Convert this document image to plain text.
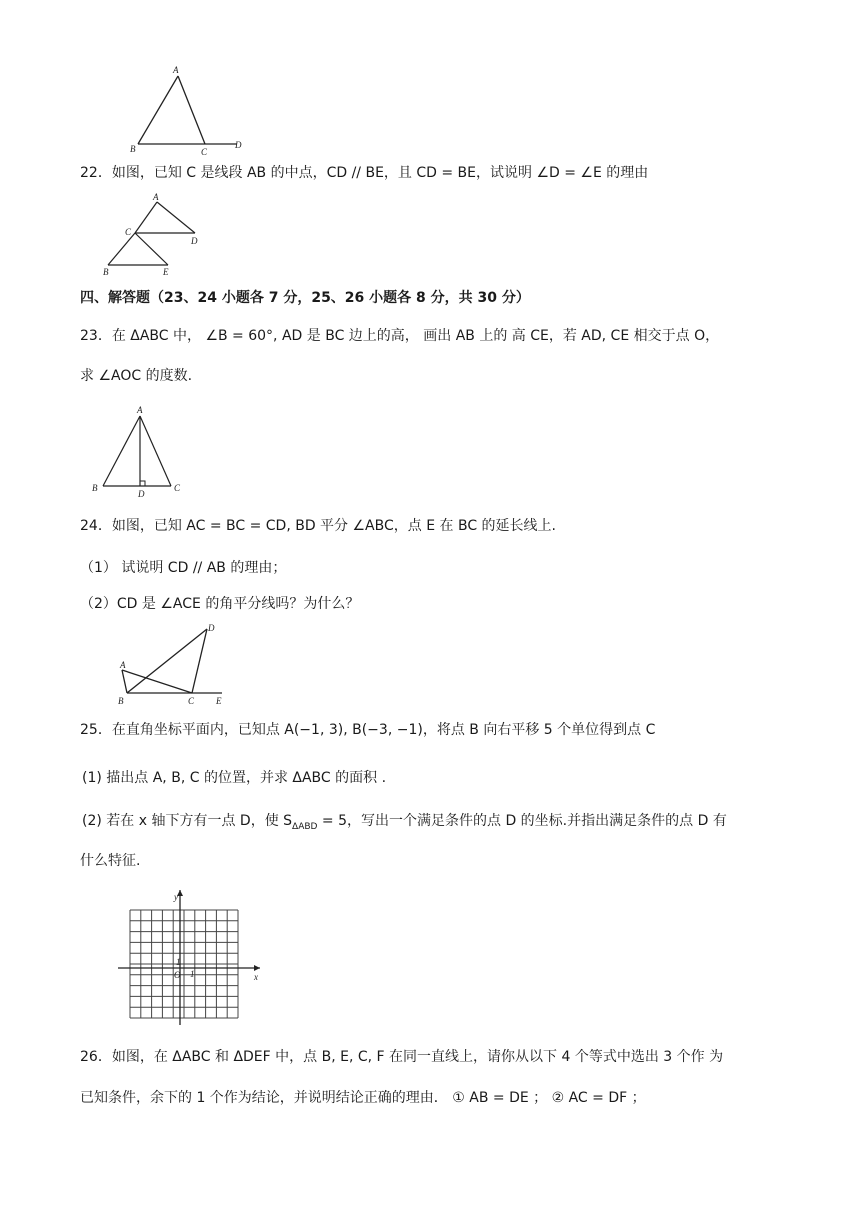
A
B	C
D
22．如图，已知 C 是线段 AB 的中点，CD // BE，且 CD = BE，试说明 ∠D = ∠E 的理由
A
C
D
B	E
四、解答题（23、24 小题各 7 分，25、26 小题各 8 分，共 30 分）
23．在 ΔABC 中， ∠B = 60°, AD 是 BC 边上的高， 画出 AB 上的 高 CE，若 AD, CE 相交于点 O，
求 ∠AOC 的度数.
A
B
D
C
24．如图，已知 AC = BC = CD, BD 平分 ∠ABC，点 E 在 BC 的延长线上.
（1） 试说明 CD // AB 的理由；
（2）CD 是 ∠ACE 的角平分线吗？为什么？
D
A
B	C E
25．在直角坐标平面内，已知点 A(−1, 3), B(−3, −1)，将点 B 向右平移 5 个单位得到点 C
(1) 描出点 A, B, C 的位置，并求 ΔABC 的面积 .
(2) 若在 x 轴下方有一点 D，使 $S_{\Delta ABD} = 5$，写出一个满足条件的点 D 的坐标.并指出满足条件的点 D 有
什么特征.
y
x
O 1
1
26．如图，在 ΔABC 和 ΔDEF 中，点 B, E, C, F 在同一直线上，请你从以下 4 个等式中选出 3 个作 为
已知条件，余下的 1 个作为结论，并说明结论正确的理由． ① AB = DE ； ② AC = DF ；
